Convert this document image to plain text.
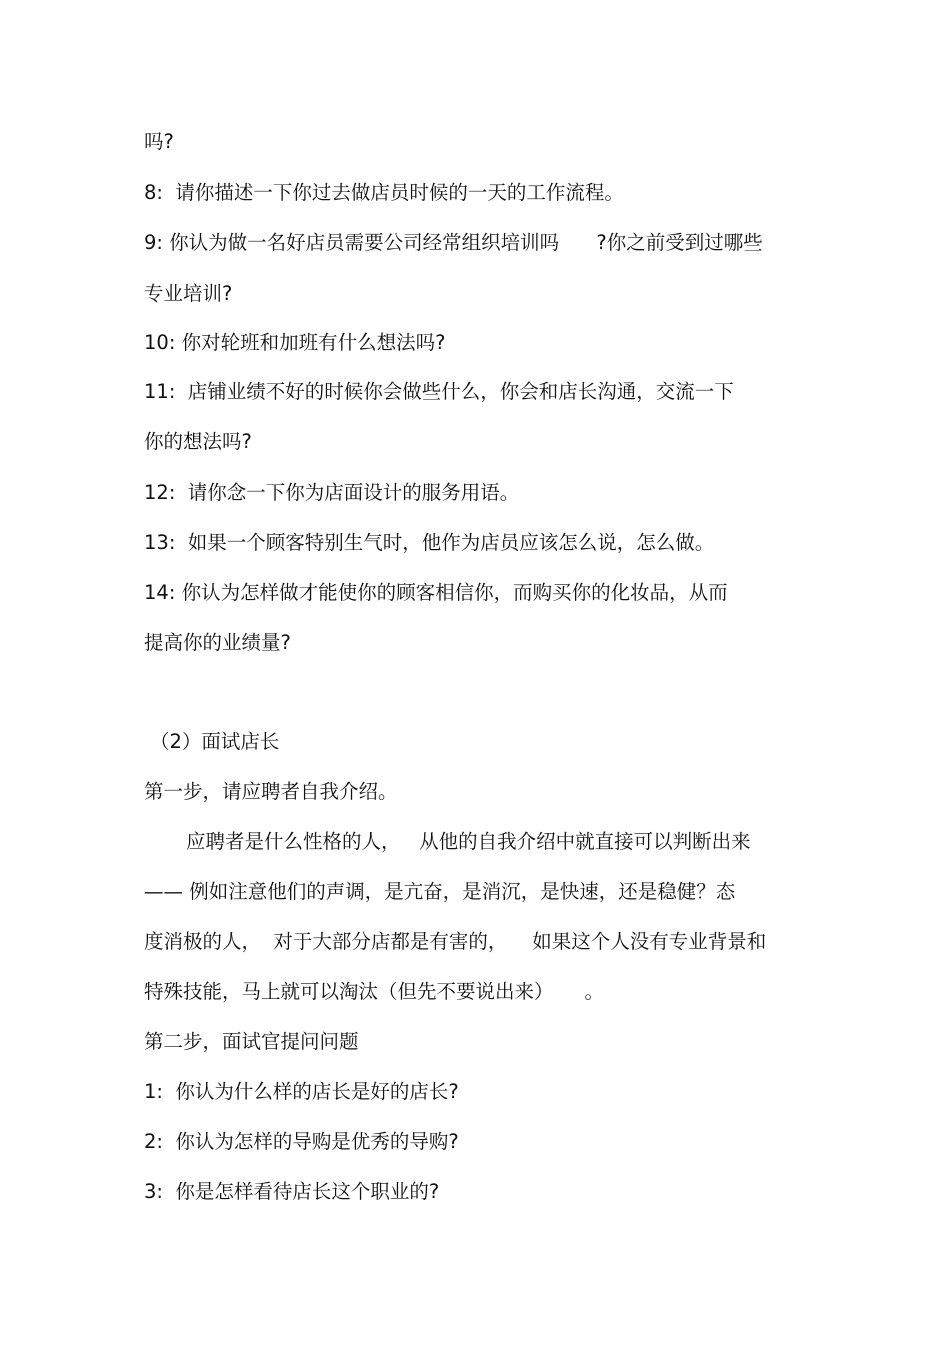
吗?

8:  请你描述一下你过去做店员时候的一天的工作流程。

9: 你认为做一名好店员需要公司经常组织培训吗      ?你之前受到过哪些

专业培训?

10: 你对轮班和加班有什么想法吗?

11:  店铺业绩不好的时候你会做些什么，你会和店长沟通，交流一下

你的想法吗?

12:  请你念一下你为店面设计的服务用语。

13:  如果一个顾客特别生气时，他作为店员应该怎么说，怎么做。

14: 你认为怎样做才能使你的顾客相信你，而购买你的化妆品，从而

提高你的业绩量?

（2）面试店长

第一步，请应聘者自我介绍。

应聘者是什么性格的人，   从他的自我介绍中就直接可以判断出来

—— 例如注意他们的声调，是亢奋，是消沉，是快速，还是稳健？态

度消极的人，  对于大部分店都是有害的，    如果这个人没有专业背景和

特殊技能，马上就可以淘汰（但先不要说出来）     。

第二步，面试官提问问题

1:  你认为什么样的店长是好的店长?

2:  你认为怎样的导购是优秀的导购?

3:  你是怎样看待店长这个职业的?
